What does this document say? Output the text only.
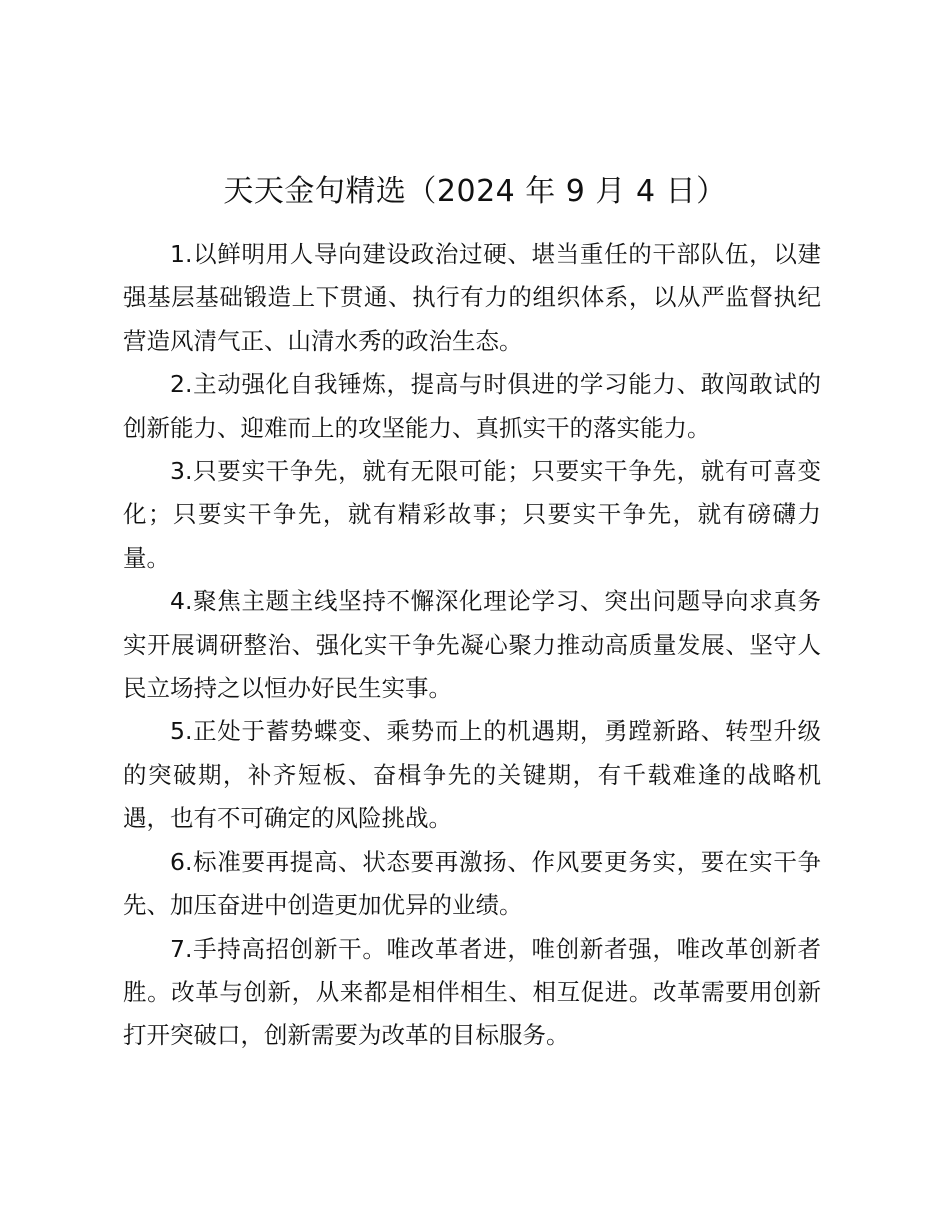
天天金句精选（2024 年 9 月 4 日）

1.以鲜明用人导向建设政治过硬、堪当重任的干部队伍，以建强基层基础锻造上下贯通、执行有力的组织体系，以从严监督执纪营造风清气正、山清水秀的政治生态。

2.主动强化自我锤炼，提高与时俱进的学习能力、敢闯敢试的创新能力、迎难而上的攻坚能力、真抓实干的落实能力。

3.只要实干争先，就有无限可能；只要实干争先，就有可喜变化；只要实干争先，就有精彩故事；只要实干争先，就有磅礴力量。

4.聚焦主题主线坚持不懈深化理论学习、突出问题导向求真务实开展调研整治、强化实干争先凝心聚力推动高质量发展、坚守人民立场持之以恒办好民生实事。

5.正处于蓄势蝶变、乘势而上的机遇期，勇蹚新路、转型升级的突破期，补齐短板、奋楫争先的关键期，有千载难逢的战略机遇，也有不可确定的风险挑战。

6.标准要再提高、状态要再激扬、作风要更务实，要在实干争先、加压奋进中创造更加优异的业绩。

7.手持高招创新干。唯改革者进，唯创新者强，唯改革创新者胜。改革与创新，从来都是相伴相生、相互促进。改革需要用创新打开突破口，创新需要为改革的目标服务。
